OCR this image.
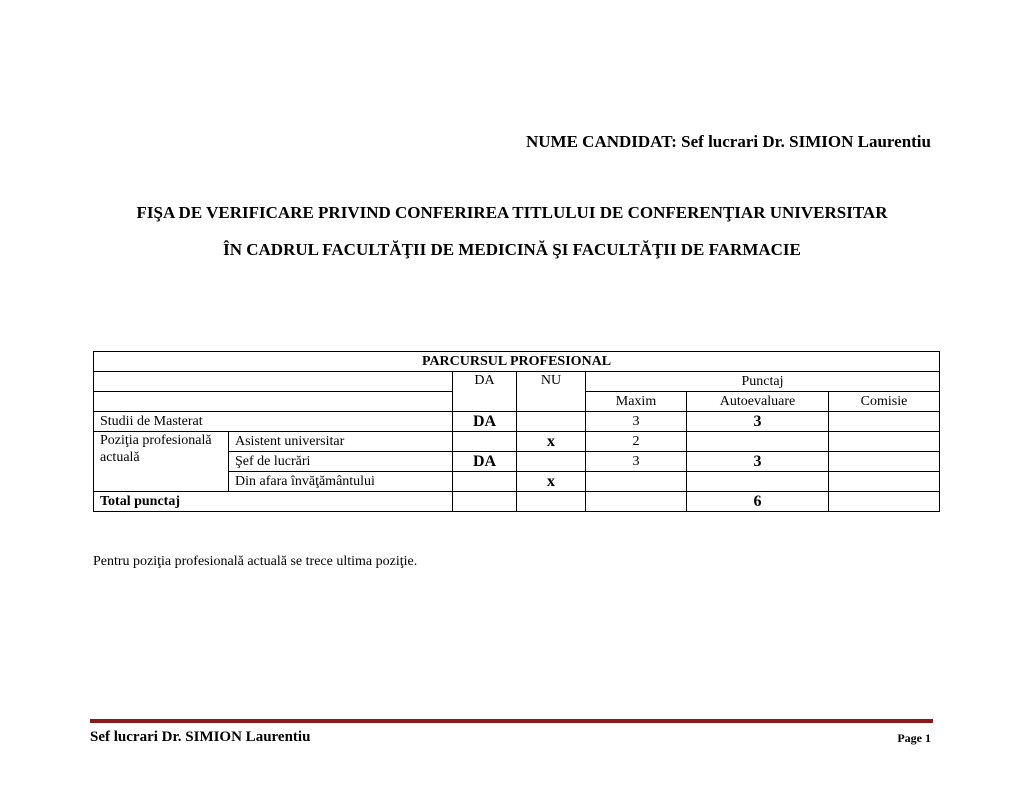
NUME CANDIDAT: Sef lucrari Dr. SIMION Laurentiu
FIŞA DE VERIFICARE PRIVIND CONFERIREA TITLULUI DE CONFERENŢIAR UNIVERSITAR
ÎN CADRUL FACULTĂŢII DE MEDICINĂ ŞI FACULTĂŢII DE FARMACIE
PARCURSUL PROFESIONAL						
		DA	NU	Punctaj		
				Maxim	Autoevaluare	Comisie
Studii de Masterat		DA		3	3	
Poziţia profesională actuală	Asistent universitar		x	2		
	Şef de lucrări	DA		3	3	
	Din afara învăţământului		x			
Total punctaj					6	
Pentru poziţia profesională actuală se trece ultima poziţie.
Sef lucrari Dr. SIMION Laurentiu	Page 1
